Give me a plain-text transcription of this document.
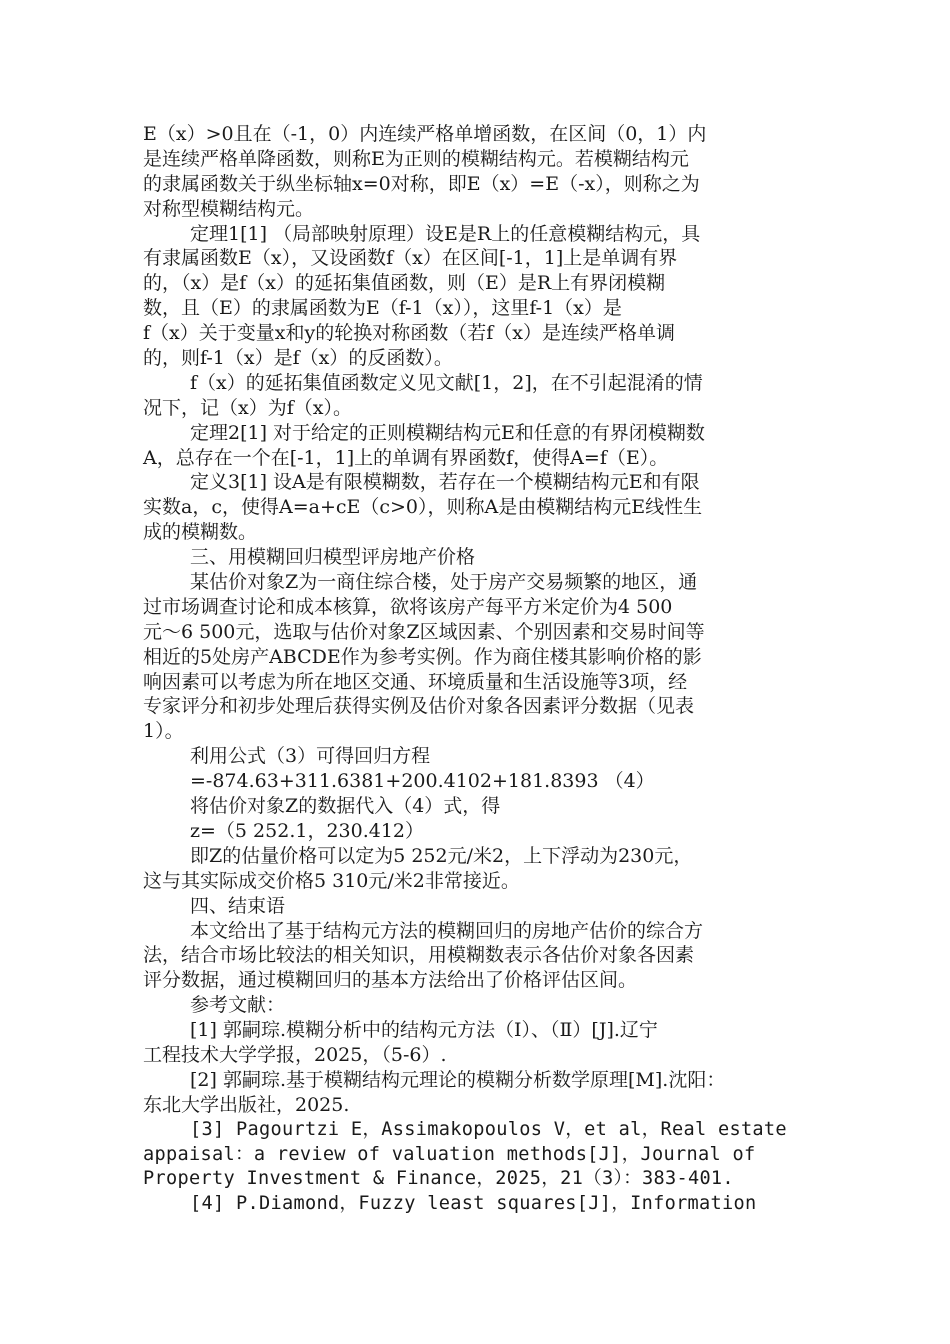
E（x）>0且在（-1，0）内连续严格单增函数，在区间（0，1）内
是连续严格单降函数，则称E为正则的模糊结构元。若模糊结构元
的隶属函数关于纵坐标轴x=0对称，即E（x）=E（-x），则称之为
对称型模糊结构元。
定理1[1] （局部映射原理）设E是R上的任意模糊结构元，具
有隶属函数E（x），又设函数f（x）在区间[-1，1]上是单调有界
的，（x）是f（x）的延拓集值函数，则（E）是R上有界闭模糊
数，且（E）的隶属函数为E（f-1（x）），这里f-1（x）是
f（x）关于变量x和y的轮换对称函数（若f（x）是连续严格单调
的，则f-1（x）是f（x）的反函数）。
f（x）的延拓集值函数定义见文献[1，2]，在不引起混淆的情
况下，记（x）为f（x）。
定理2[1] 对于给定的正则模糊结构元E和任意的有界闭模糊数
A，总存在一个在[-1，1]上的单调有界函数f，使得A=f（E）。
定义3[1] 设A是有限模糊数，若存在一个模糊结构元E和有限
实数a，c，使得A=a+cE（c>0），则称A是由模糊结构元E线性生
成的模糊数。
三、用模糊回归模型评房地产价格
某估价对象Z为一商住综合楼，处于房产交易频繁的地区，通
过市场调查讨论和成本核算，欲将该房产每平方米定价为4 500
元～6 500元，选取与估价对象Z区域因素、个别因素和交易时间等
相近的5处房产ABCDE作为参考实例。作为商住楼其影响价格的影
响因素可以考虑为所在地区交通、环境质量和生活设施等3项，经
专家评分和初步处理后获得实例及估价对象各因素评分数据（见表
1）。
利用公式（3）可得回归方程
=-874.63+311.6381+200.4102+181.8393 （4）
将估价对象Z的数据代入（4）式，得
z=（5 252.1，230.412）
即Z的估量价格可以定为5 252元/米2，上下浮动为230元，
这与其实际成交价格5 310元/米2非常接近。
四、结束语
本文给出了基于结构元方法的模糊回归的房地产估价的综合方
法，结合市场比较法的相关知识，用模糊数表示各估价对象各因素
评分数据，通过模糊回归的基本方法给出了价格评估区间。
参考文献：
[1] 郭嗣琮.模糊分析中的结构元方法（Ⅰ）、（Ⅱ）[J].辽宁
工程技术大学学报，2025，（5-6）.
[2] 郭嗣琮.基于模糊结构元理论的模糊分析数学原理[M].沈阳：
东北大学出版社，2025.
[3] Pagourtzi E，Assimakopoulos V，et al，Real estate
appaisal：a review of valuation methods[J]，Journal of
Property Investment & Finance，2025，21（3）：383-401.
[4] P.Diamond，Fuzzy least squares[J]，Information
